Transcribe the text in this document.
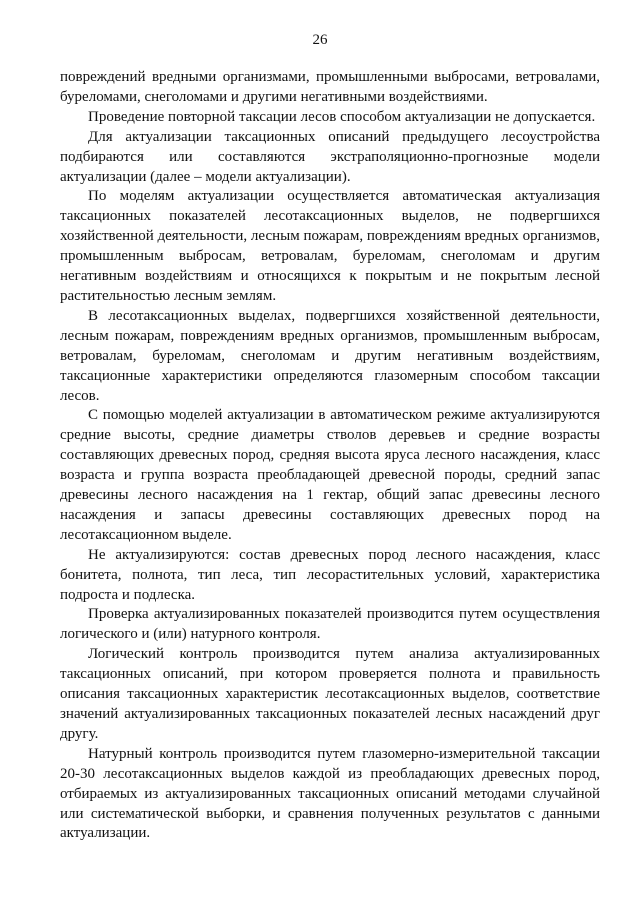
26

повреждений вредными организмами, промышленными выбросами, ветровалами, буреломами, снеголомами и другими негативными воздействиями.

Проведение повторной таксации лесов способом актуализации не допускается.

Для актуализации таксационных описаний предыдущего лесоустройства подбираются или составляются экстраполяционно-прогнозные модели актуализации (далее – модели актуализации).

По моделям актуализации осуществляется автоматическая актуализация таксационных показателей лесотаксационных выделов, не подвергшихся хозяйственной деятельности, лесным пожарам, повреждениям вредных организмов, промышленным выбросам, ветровалам, буреломам, снеголомам и другим негативным воздействиям и относящихся к покрытым и не покрытым лесной растительностью лесным землям.

В лесотаксационных выделах, подвергшихся хозяйственной деятельности, лесным пожарам, повреждениям вредных организмов, промышленным выбросам, ветровалам, буреломам, снеголомам и другим негативным воздействиям, таксационные характеристики определяются глазомерным способом таксации лесов.

С помощью моделей актуализации в автоматическом режиме актуализируются средние высоты, средние диаметры стволов деревьев и средние возрасты составляющих древесных пород, средняя высота яруса лесного насаждения, класс возраста и группа возраста преобладающей древесной породы, средний запас древесины лесного насаждения на 1 гектар, общий запас древесины лесного насаждения и запасы древесины составляющих древесных пород на лесотаксационном выделе.

Не актуализируются: состав древесных пород лесного насаждения, класс бонитета, полнота, тип леса, тип лесорастительных условий, характеристика подроста и подлеска.

Проверка актуализированных показателей производится путем осуществления логического и (или) натурного контроля.

Логический контроль производится путем анализа актуализированных таксационных описаний, при котором проверяется полнота и правильность описания таксационных характеристик лесотаксационных выделов, соответствие значений актуализированных таксационных показателей лесных насаждений друг другу.

Натурный контроль производится путем глазомерно-измерительной таксации 20-30 лесотаксационных выделов каждой из преобладающих древесных пород, отбираемых из актуализированных таксационных описаний методами случайной или систематической выборки, и сравнения полученных результатов с данными актуализации.
